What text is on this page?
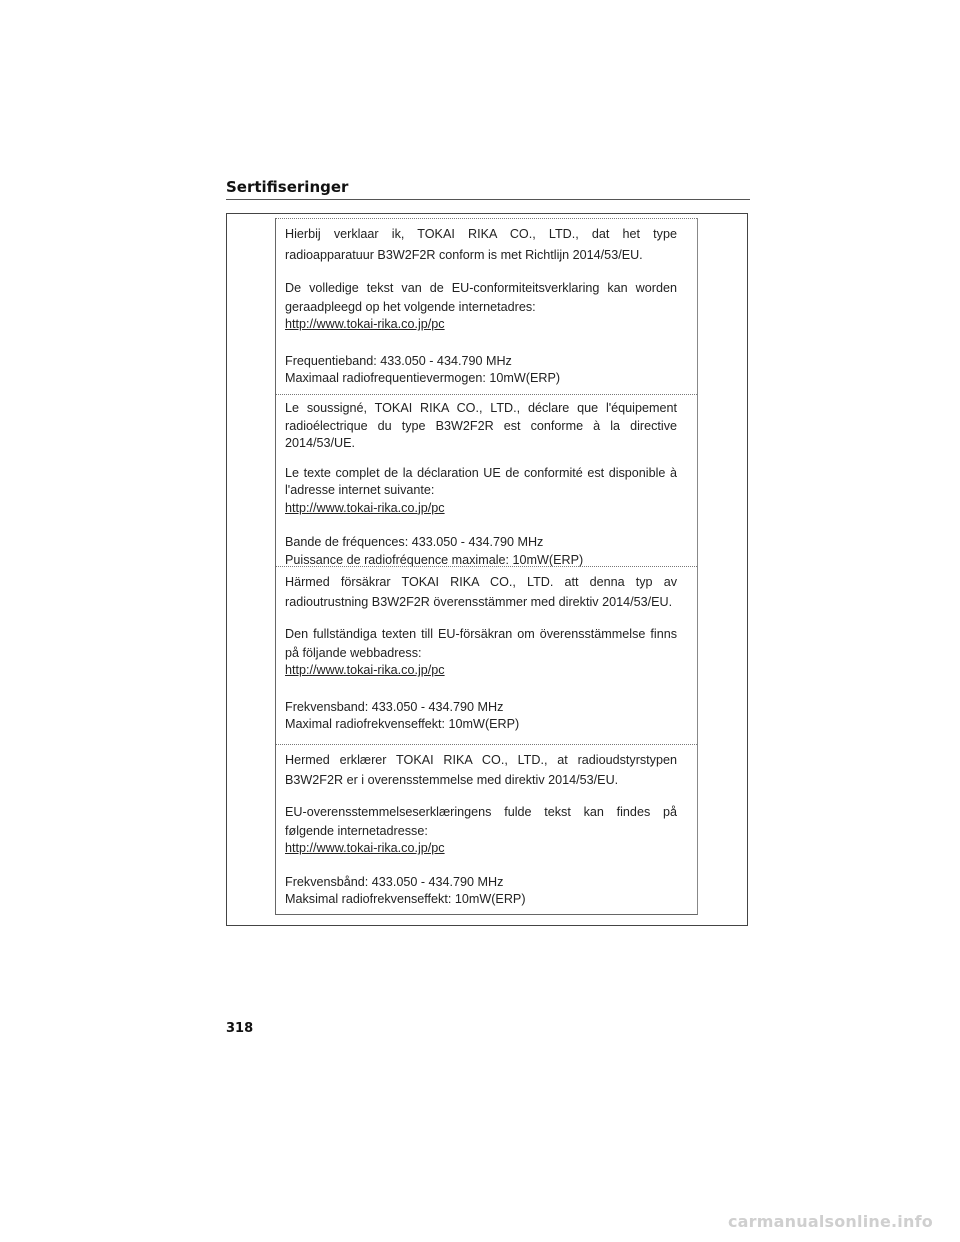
Sertifiseringer

Hierbij verklaar ik, TOKAI RIKA CO., LTD., dat het type radioapparatuur B3W2F2R conform is met Richtlijn 2014/53/EU.

De volledige tekst van de EU-conformiteitsverklaring kan worden geraadpleegd op het volgende internetadres:

http://www.tokai-rika.co.jp/pc

Frequentieband: 433.050 - 434.790 MHz

Maximaal radiofrequentievermogen: 10mW(ERP)

Le soussigné, TOKAI RIKA CO., LTD., déclare que l'équipement radioélectrique du type B3W2F2R est conforme à la directive 2014/53/UE.

Le texte complet de la déclaration UE de conformité est disponible à l'adresse internet suivante:

http://www.tokai-rika.co.jp/pc

Bande de fréquences: 433.050 - 434.790 MHz

Puissance de radiofréquence maximale: 10mW(ERP)

Härmed försäkrar TOKAI RIKA CO., LTD. att denna typ av radioutrustning B3W2F2R överensstämmer med direktiv 2014/53/EU.

Den fullständiga texten till EU-försäkran om överensstämmelse finns på följande webbadress:

http://www.tokai-rika.co.jp/pc

Frekvensband: 433.050 - 434.790 MHz

Maximal radiofrekvenseffekt: 10mW(ERP)

Hermed erklærer TOKAI RIKA CO., LTD., at radioudstyrstypen B3W2F2R er i overensstemmelse med direktiv 2014/53/EU.

EU-overensstemmelseserklæringens fulde tekst kan findes på følgende internetadresse:

http://www.tokai-rika.co.jp/pc

Frekvensbånd: 433.050 - 434.790 MHz

Maksimal radiofrekvenseffekt: 10mW(ERP)

318
carmanualsonline.info
